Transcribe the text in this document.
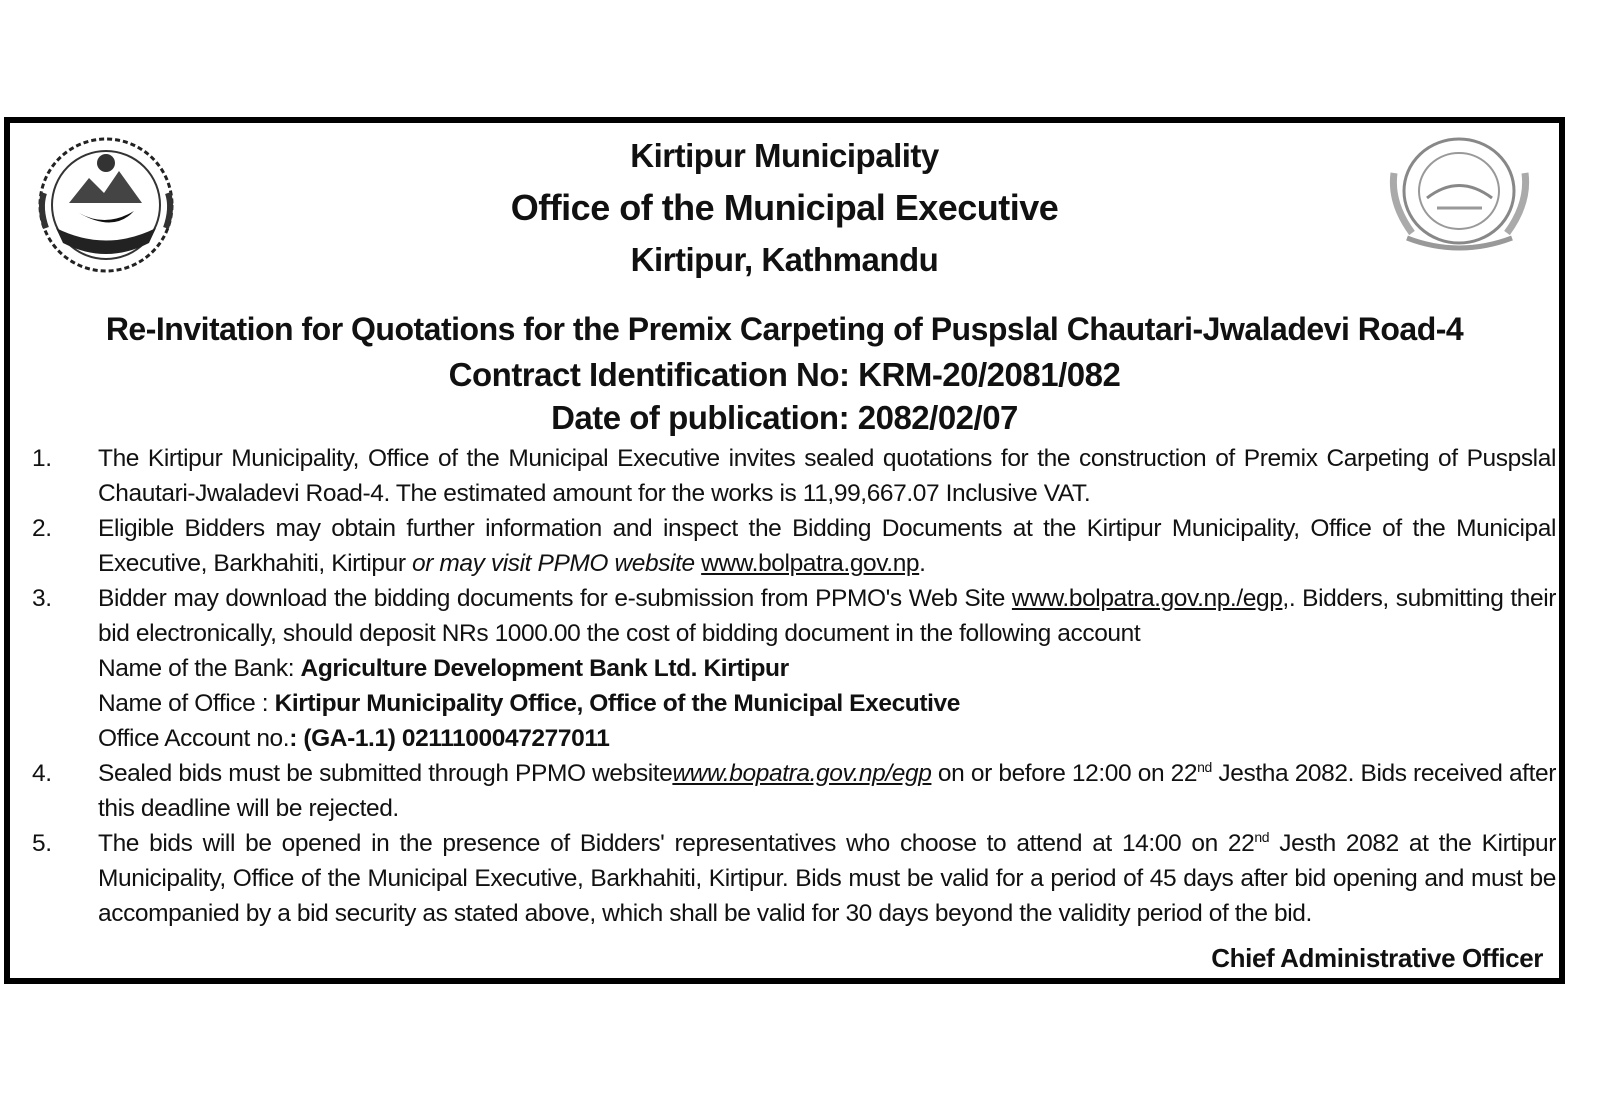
Kirtipur Municipality
Office of the Municipal Executive
Kirtipur, Kathmandu
Re-Invitation for Quotations for the Premix Carpeting of Puspslal Chautari-Jwaladevi Road-4
Contract Identification No: KRM-20/2081/082
Date of publication: 2082/02/07
1.	The Kirtipur Municipality, Office of the Municipal Executive invites sealed quotations for the construction of Premix Carpeting of Puspslal Chautari-Jwaladevi Road-4. The estimated amount for the works is 11,99,667.07 Inclusive VAT.
2.	Eligible Bidders may obtain further information and inspect the Bidding Documents at the Kirtipur Municipality, Office of the Municipal Executive, Barkhahiti, Kirtipur or may visit PPMO website www.bolpatra.gov.np.
3.	Bidder may download the bidding documents for e-submission from PPMO's Web Site www.bolpatra.gov.np./egp,. Bidders, submitting their bid electronically, should deposit NRs 1000.00 the cost of bidding document in the following account
Name of the Bank: Agriculture Development Bank Ltd. Kirtipur
Name of Office : Kirtipur Municipality Office, Office of the Municipal Executive
Office Account no.: (GA-1.1) 0211100047277011
4.	Sealed bids must be submitted through PPMO websitewww.bopatra.gov.np/egp on or before 12:00 on 22nd Jestha 2082. Bids received after this deadline will be rejected.
5.	The bids will be opened in the presence of Bidders' representatives who choose to attend at 14:00 on 22nd Jesth 2082 at the Kirtipur Municipality, Office of the Municipal Executive, Barkhahiti, Kirtipur. Bids must be valid for a period of 45 days after bid opening and must be accompanied by a bid security as stated above, which shall be valid for 30 days beyond the validity period of the bid.
Chief Administrative Officer
